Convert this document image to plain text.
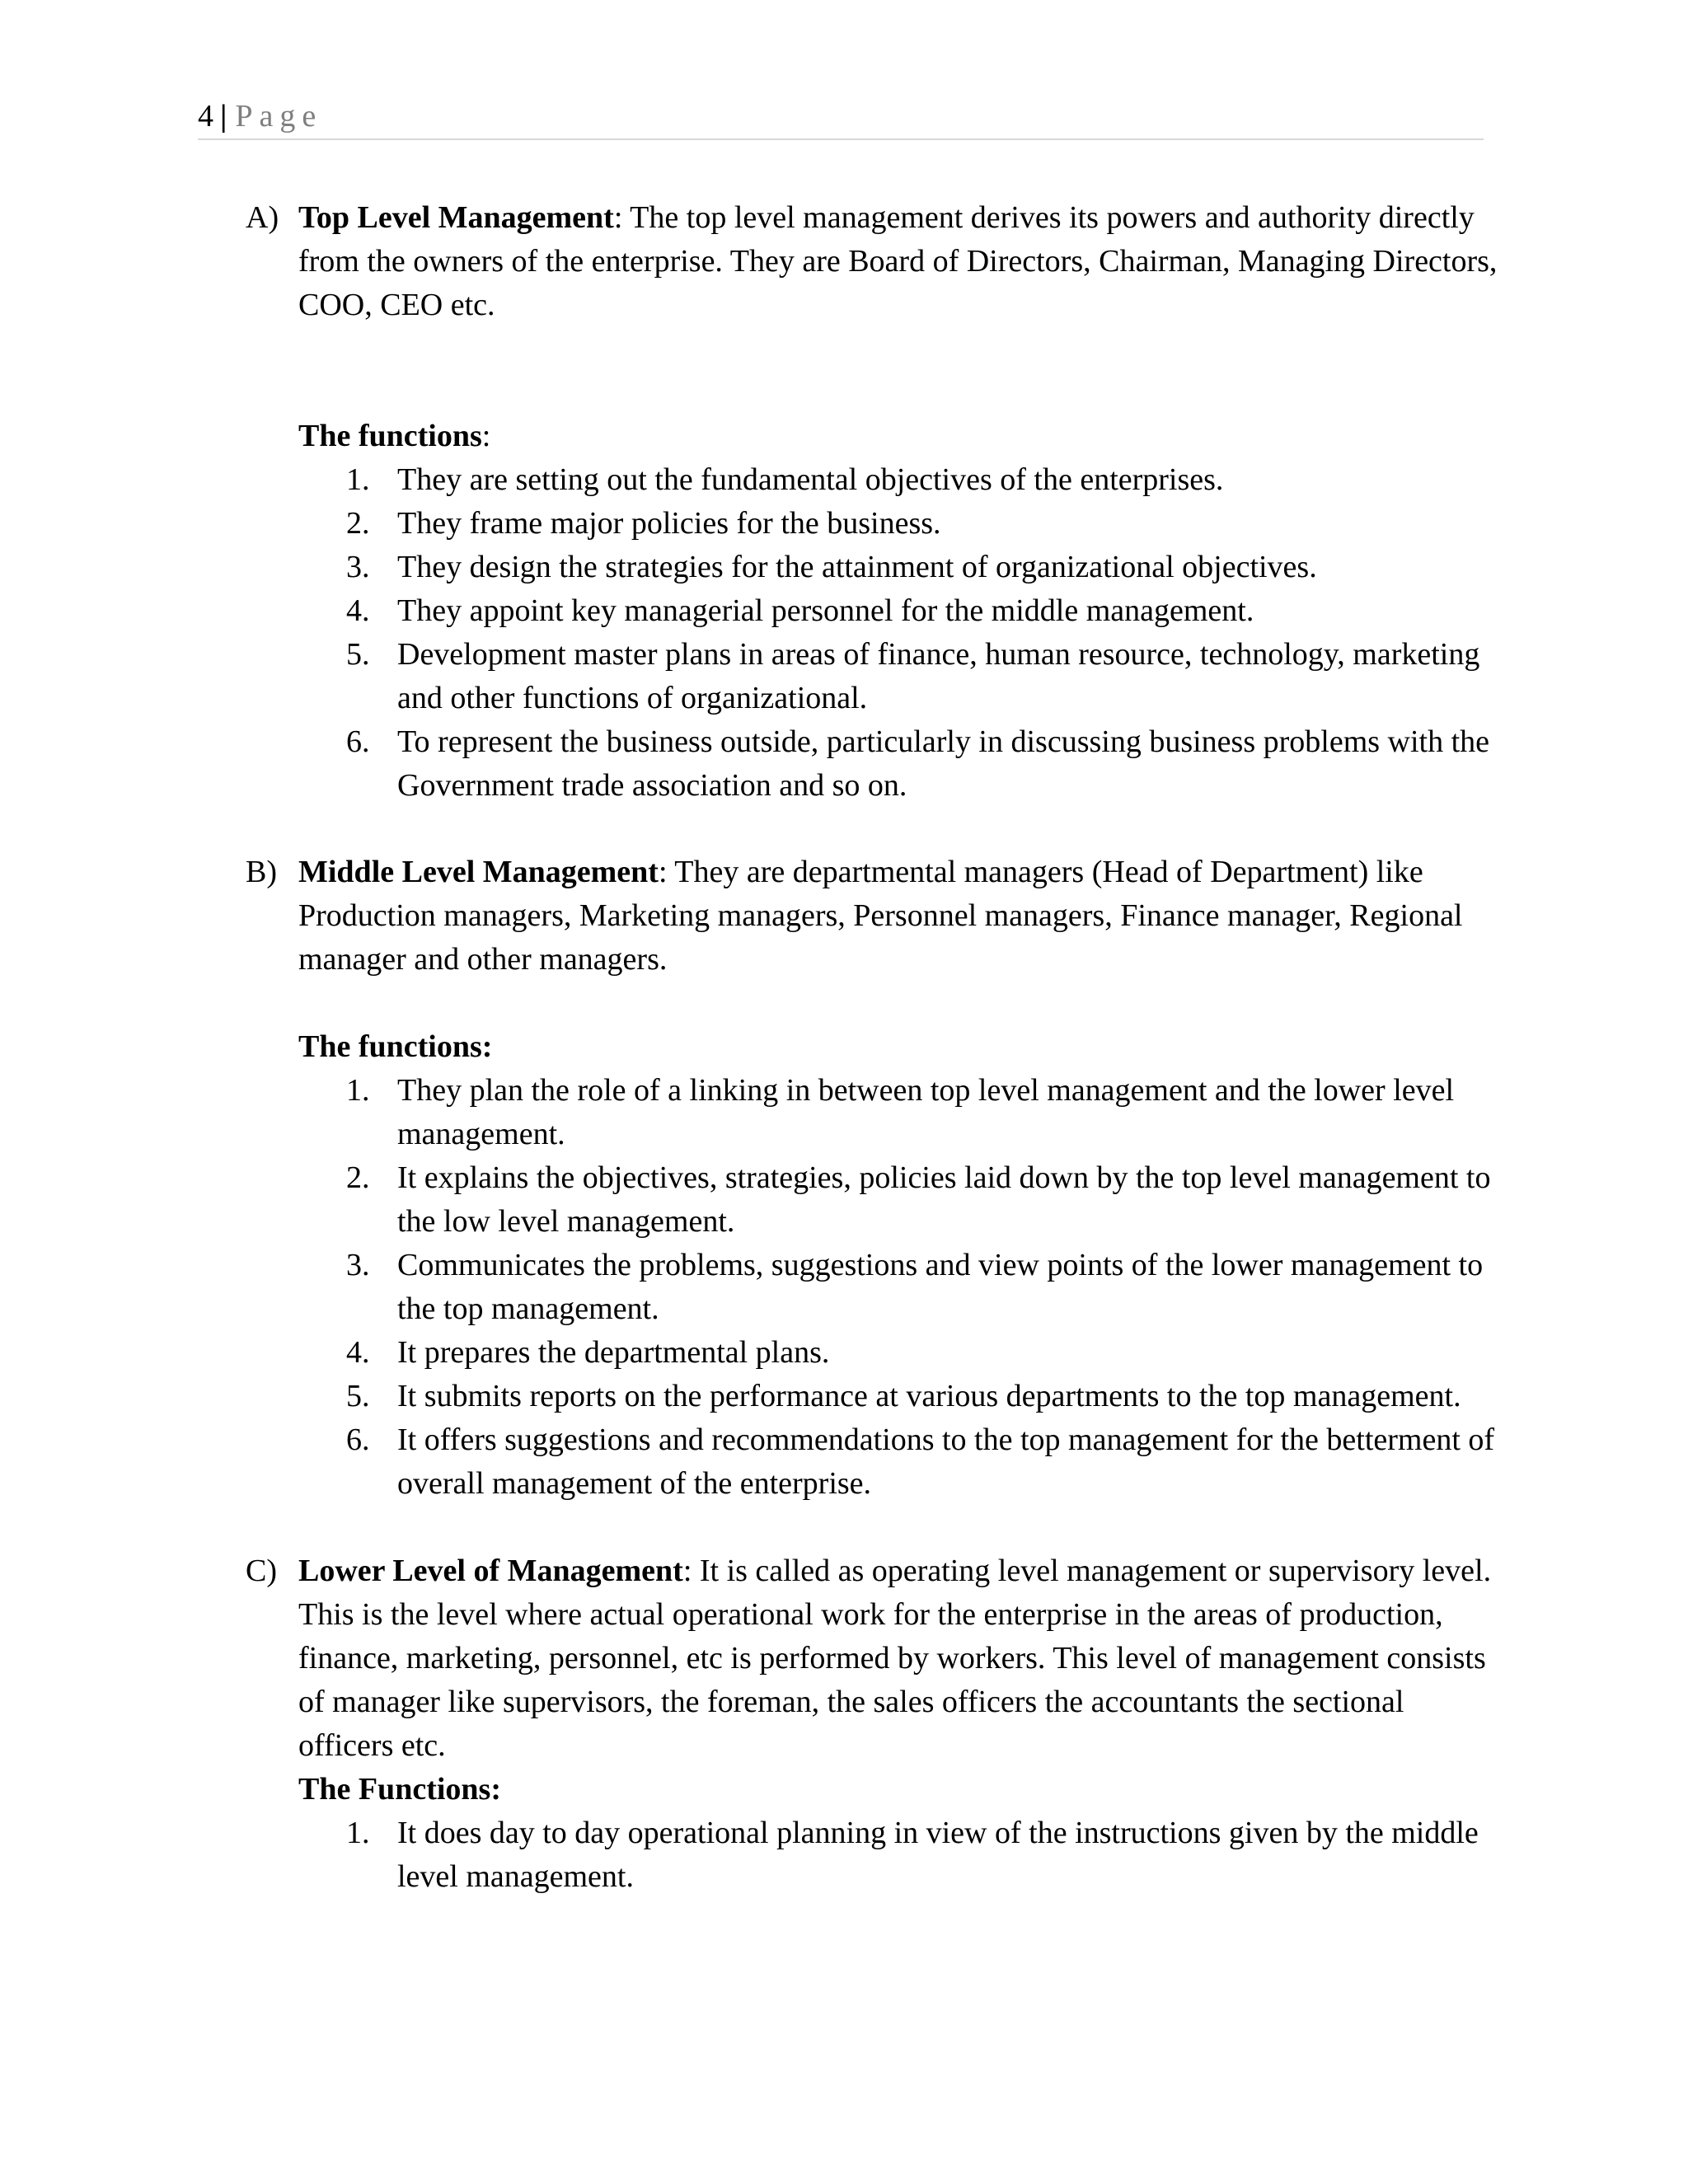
4 | Page
A) Top Level Management: The top level management derives its powers and authority directly from the owners of the enterprise. They are Board of Directors, Chairman, Managing Directors, COO, CEO etc.

The functions:

1. They are setting out the fundamental objectives of the enterprises.
2. They frame major policies for the business.
3. They design the strategies for the attainment of organizational objectives.
4. They appoint key managerial personnel for the middle management.
5. Development master plans in areas of finance, human resource, technology, marketing and other functions of organizational.
6. To represent the business outside, particularly in discussing business problems with the Government trade association and so on.
B) Middle Level Management: They are departmental managers (Head of Department) like Production managers, Marketing managers, Personnel managers, Finance manager, Regional manager and other managers.

The functions:

1. They plan the role of a linking in between top level management and the lower level management.
2. It explains the objectives, strategies, policies laid down by the top level management to the low level management.
3. Communicates the problems, suggestions and view points of the lower management to the top management.
4. It prepares the departmental plans.
5. It submits reports on the performance at various departments to the top management.
6. It offers suggestions and recommendations to the top management for the betterment of overall management of the enterprise.
C) Lower Level of Management: It is called as operating level management or supervisory level. This is the level where actual operational work for the enterprise in the areas of production, finance, marketing, personnel, etc is performed by workers. This level of management consists of manager like supervisors, the foreman, the sales officers the accountants the sectional officers etc.

The Functions:

1. It does day to day operational planning in view of the instructions given by the middle level management.
